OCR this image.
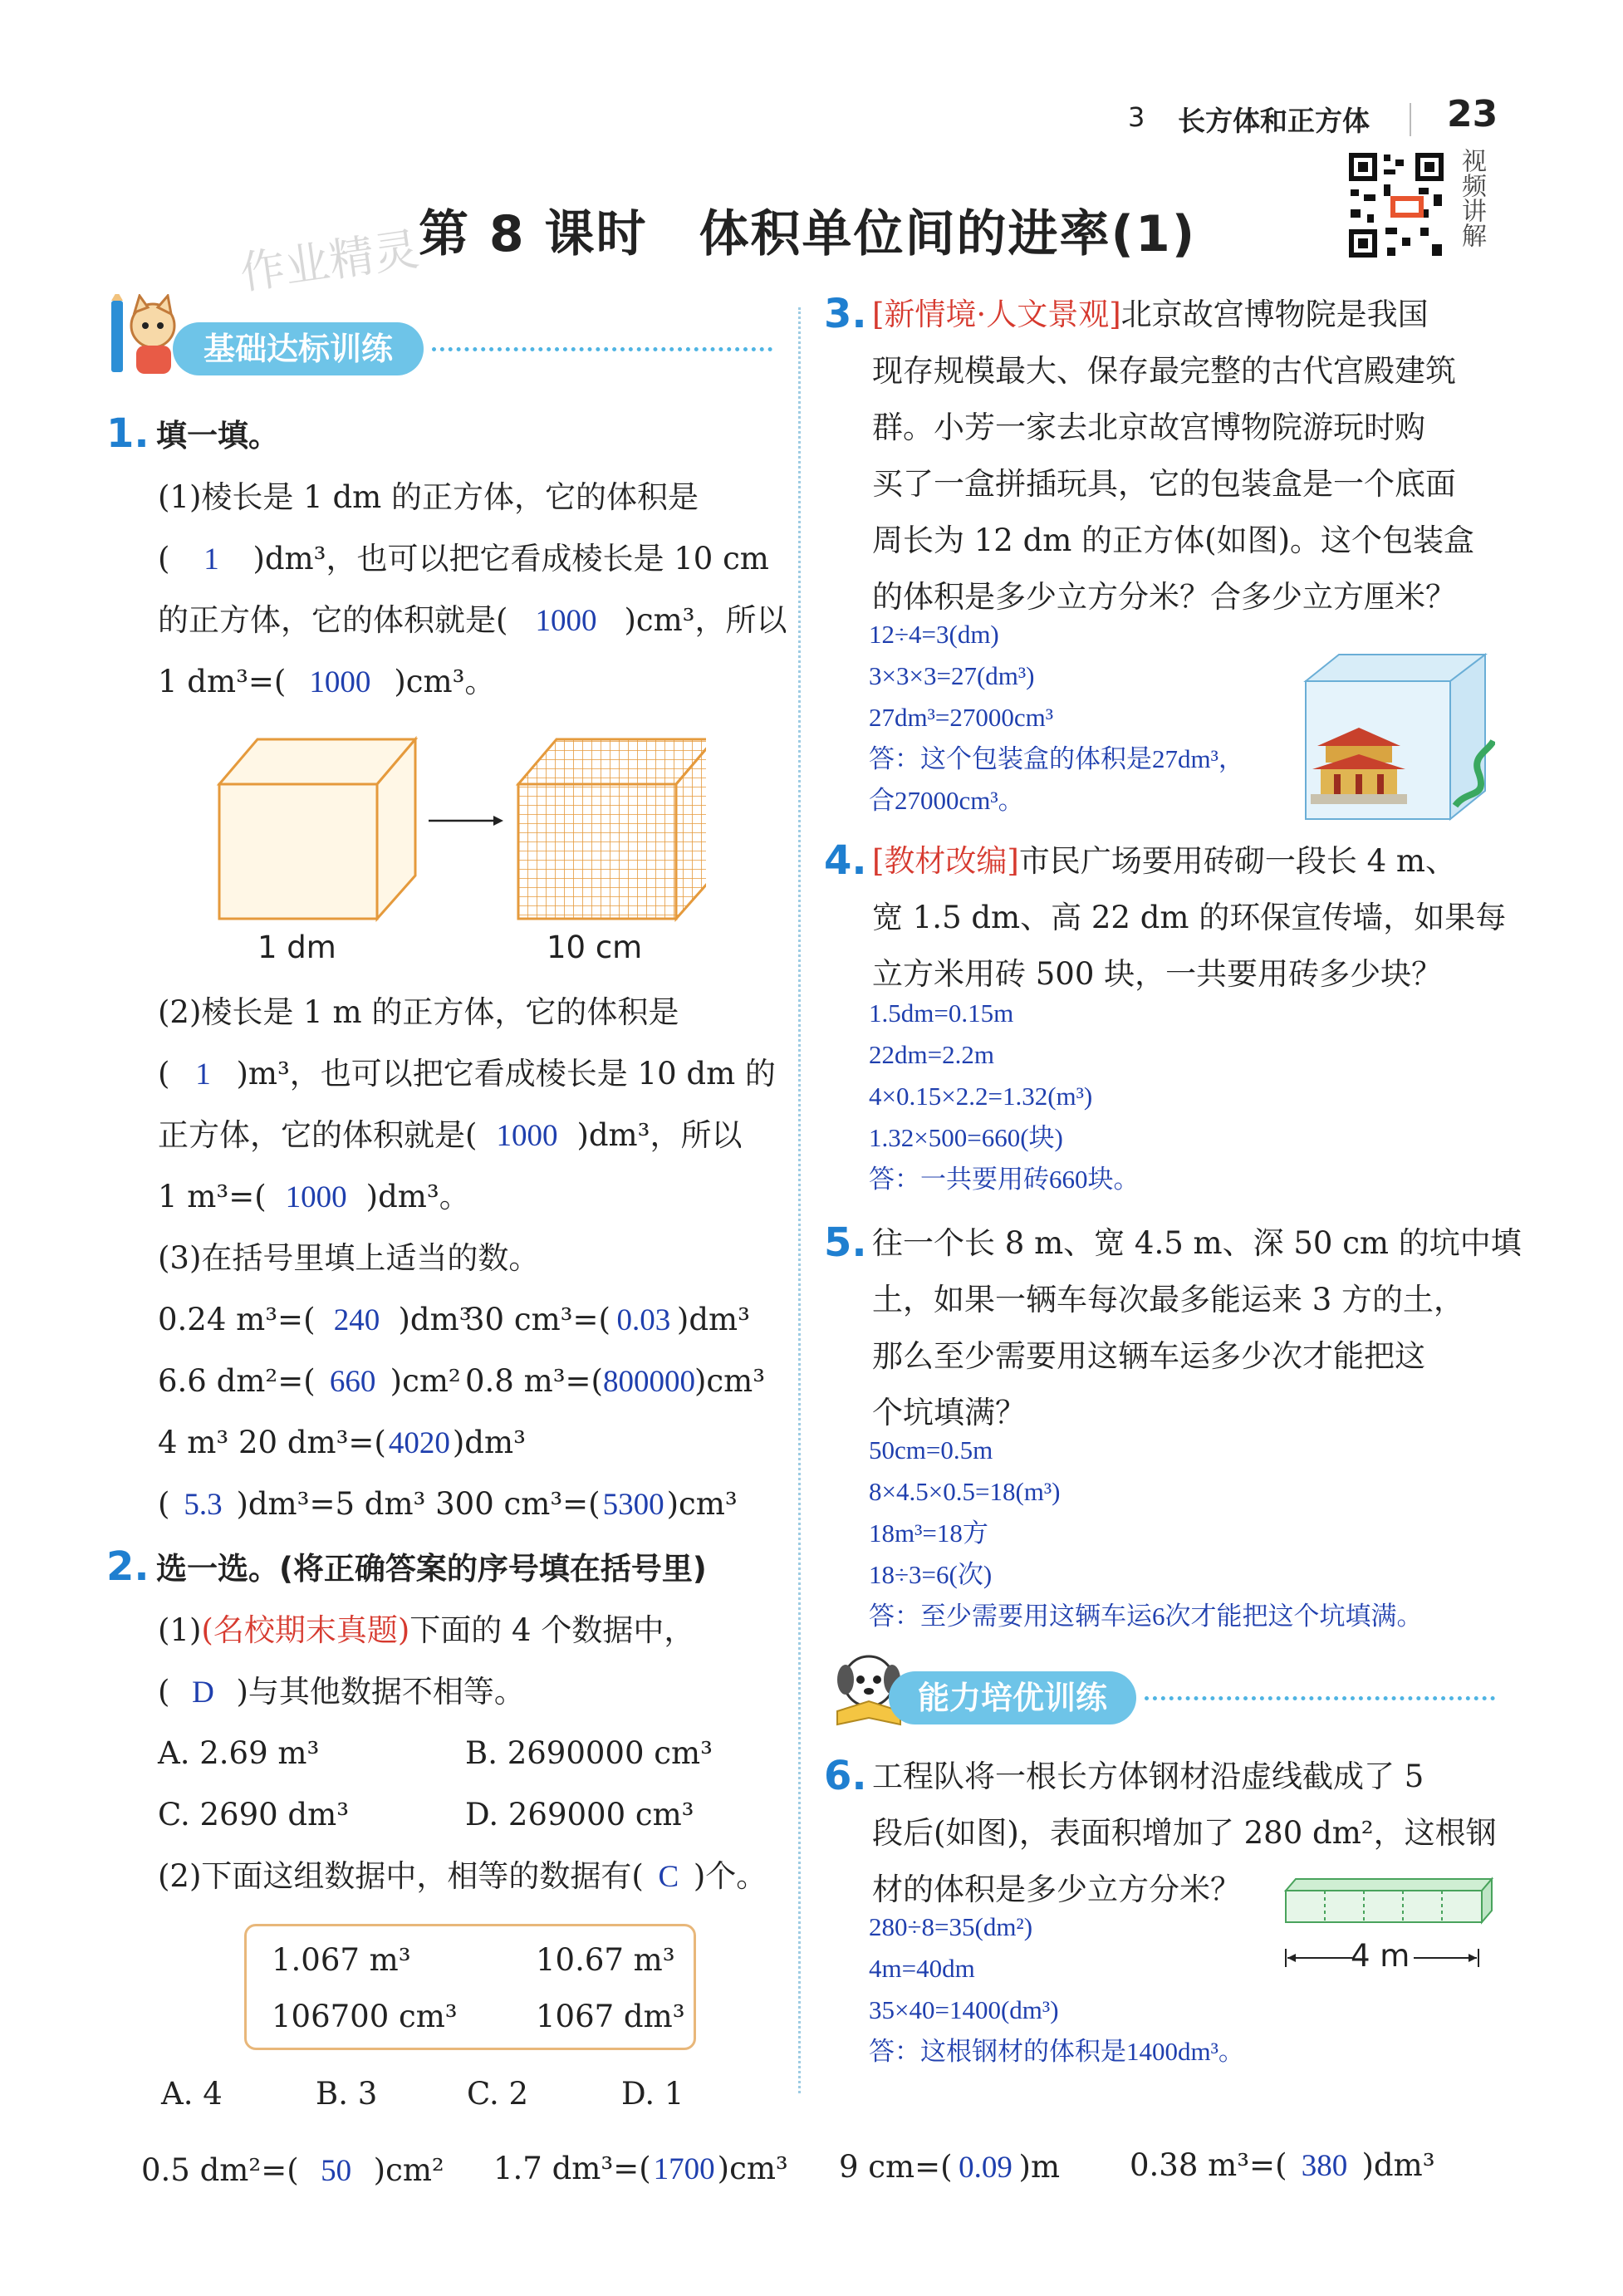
3 长方体和正方体 23
视频讲解
第 8 课时　体积单位间的进率(1)
作业精灵
基础达标训练
1. 填一填。
(1)棱长是 1 dm 的正方体，它的体积是
( 1 )dm³，也可以把它看成棱长是 10 cm
的正方体，它的体积就是( 1000 )cm³，所以
1 dm³=( 1000 )cm³。
1 dm	10 cm
(2)棱长是 1 m 的正方体，它的体积是
( 1 )m³，也可以把它看成棱长是 10 dm 的
正方体，它的体积就是( 1000 )dm³，所以
1 m³=( 1000 )dm³。
(3)在括号里填上适当的数。
0.24 m³=( 240 )dm³
30 cm³=( 0.03 )dm³
6.6 dm²=( 660 )cm² 0.8 m³=(800000)cm³
4 m³ 20 dm³=(4020)dm³
( 5.3 )dm³=5 dm³ 300 cm³=(5300)cm³
2. 选一选。(将正确答案的序号填在括号里)
(1)(名校期末真题)下面的 4 个数据中，
( D )与其他数据不相等。
A. 2.69 m³	B. 2690000 cm³
C. 2690 dm³	D. 269000 cm³
(2)下面这组数据中，相等的数据有( C )个。
1.067 m³	10.67 m³
106700 cm³	1067 dm³
A. 4	B. 3	C. 2	D. 1
3. [新情境·人文景观]北京故宫博物院是我国
现存规模最大、保存最完整的古代宫殿建筑
群。小芳一家去北京故宫博物院游玩时购
买了一盒拼插玩具，它的包装盒是一个底面
周长为 12 dm 的正方体(如图)。这个包装盒
的体积是多少立方分米？合多少立方厘米？
12÷4=3(dm)
3×3×3=27(dm³)
27dm³=27000cm³
答：这个包装盒的体积是27dm³，
合27000cm³。
4. [教材改编]市民广场要用砖砌一段长 4 m、
宽 1.5 dm、高 22 dm 的环保宣传墙，如果每
立方米用砖 500 块，一共要用砖多少块？
1.5dm=0.15m
22dm=2.2m
4×0.15×2.2=1.32(m³)
1.32×500=660(块)
答：一共要用砖660块。
5. 往一个长 8 m、宽 4.5 m、深 50 cm 的坑中填
土，如果一辆车每次最多能运来 3 方的土，
那么至少需要用这辆车运多少次才能把这
个坑填满？
50cm=0.5m
8×4.5×0.5=18(m³)
18m³=18方
18÷3=6(次)
答：至少需要用这辆车运6次才能把这个坑填满。
能力培优训练
6. 工程队将一根长方体钢材沿虚线截成了 5
段后(如图)，表面积增加了 280 dm²，这根钢
材的体积是多少立方分米？
280÷8=35(dm²)
4m=40dm
35×40=1400(dm³)
答：这根钢材的体积是1400dm³。
4 m
0.5 dm²=( 50 )cm² 1.7 dm³=(1700)cm³ 9 cm=( 0.09 )m 0.38 m³=( 380 )dm³
